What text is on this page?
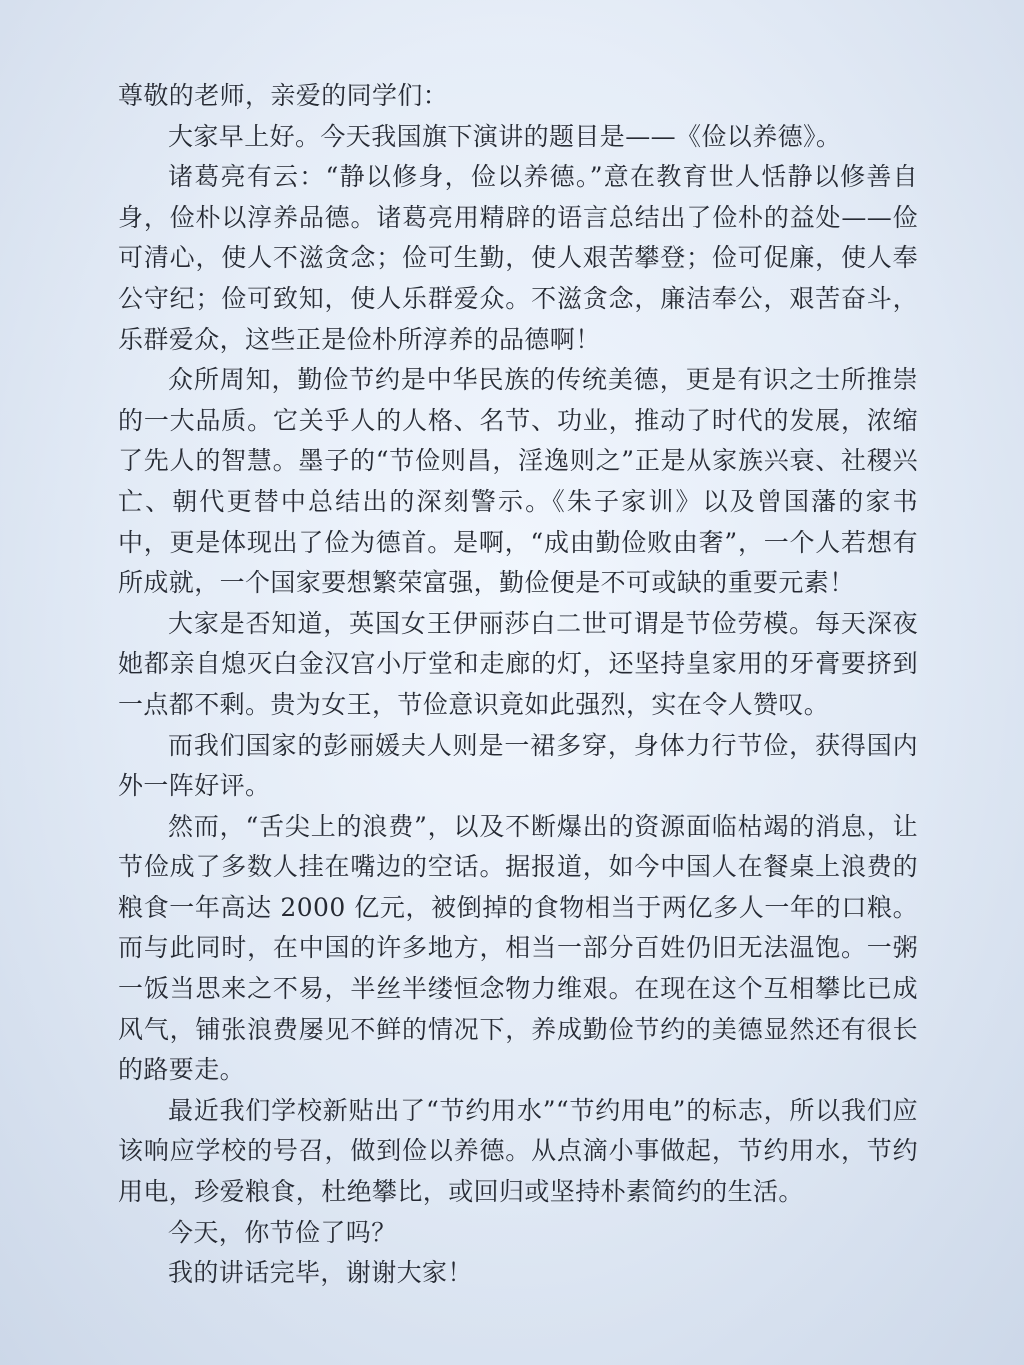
尊敬的老师，亲爱的同学们：

大家早上好。今天我国旗下演讲的题目是——《俭以养德》。

诸葛亮有云：“静以修身，俭以养德。”意在教育世人恬静以修善自身，俭朴以淳养品德。诸葛亮用精辟的语言总结出了俭朴的益处——俭可清心，使人不滋贪念；俭可生勤，使人艰苦攀登；俭可促廉，使人奉公守纪；俭可致知，使人乐群爱众。不滋贪念，廉洁奉公，艰苦奋斗，乐群爱众，这些正是俭朴所淳养的品德啊！

众所周知，勤俭节约是中华民族的传统美德，更是有识之士所推崇的一大品质。它关乎人的人格、名节、功业，推动了时代的发展，浓缩了先人的智慧。墨子的“节俭则昌，淫逸则之”正是从家族兴衰、社稷兴亡、朝代更替中总结出的深刻警示。《朱子家训》以及曾国藩的家书中，更是体现出了俭为德首。是啊，“成由勤俭败由奢”，一个人若想有所成就，一个国家要想繁荣富强，勤俭便是不可或缺的重要元素！

大家是否知道，英国女王伊丽莎白二世可谓是节俭劳模。每天深夜她都亲自熄灭白金汉宫小厅堂和走廊的灯，还坚持皇家用的牙膏要挤到一点都不剩。贵为女王，节俭意识竟如此强烈，实在令人赞叹。

而我们国家的彭丽媛夫人则是一裙多穿，身体力行节俭，获得国内外一阵好评。

然而，“舌尖上的浪费”，以及不断爆出的资源面临枯竭的消息，让节俭成了多数人挂在嘴边的空话。据报道，如今中国人在餐桌上浪费的粮食一年高达 2000 亿元，被倒掉的食物相当于两亿多人一年的口粮。而与此同时，在中国的许多地方，相当一部分百姓仍旧无法温饱。一粥一饭当思来之不易，半丝半缕恒念物力维艰。在现在这个互相攀比已成风气，铺张浪费屡见不鲜的情况下，养成勤俭节约的美德显然还有很长的路要走。

最近我们学校新贴出了“节约用水”“节约用电”的标志，所以我们应该响应学校的号召，做到俭以养德。从点滴小事做起，节约用水，节约用电，珍爱粮食，杜绝攀比，或回归或坚持朴素简约的生活。

今天，你节俭了吗？

我的讲话完毕，谢谢大家！
